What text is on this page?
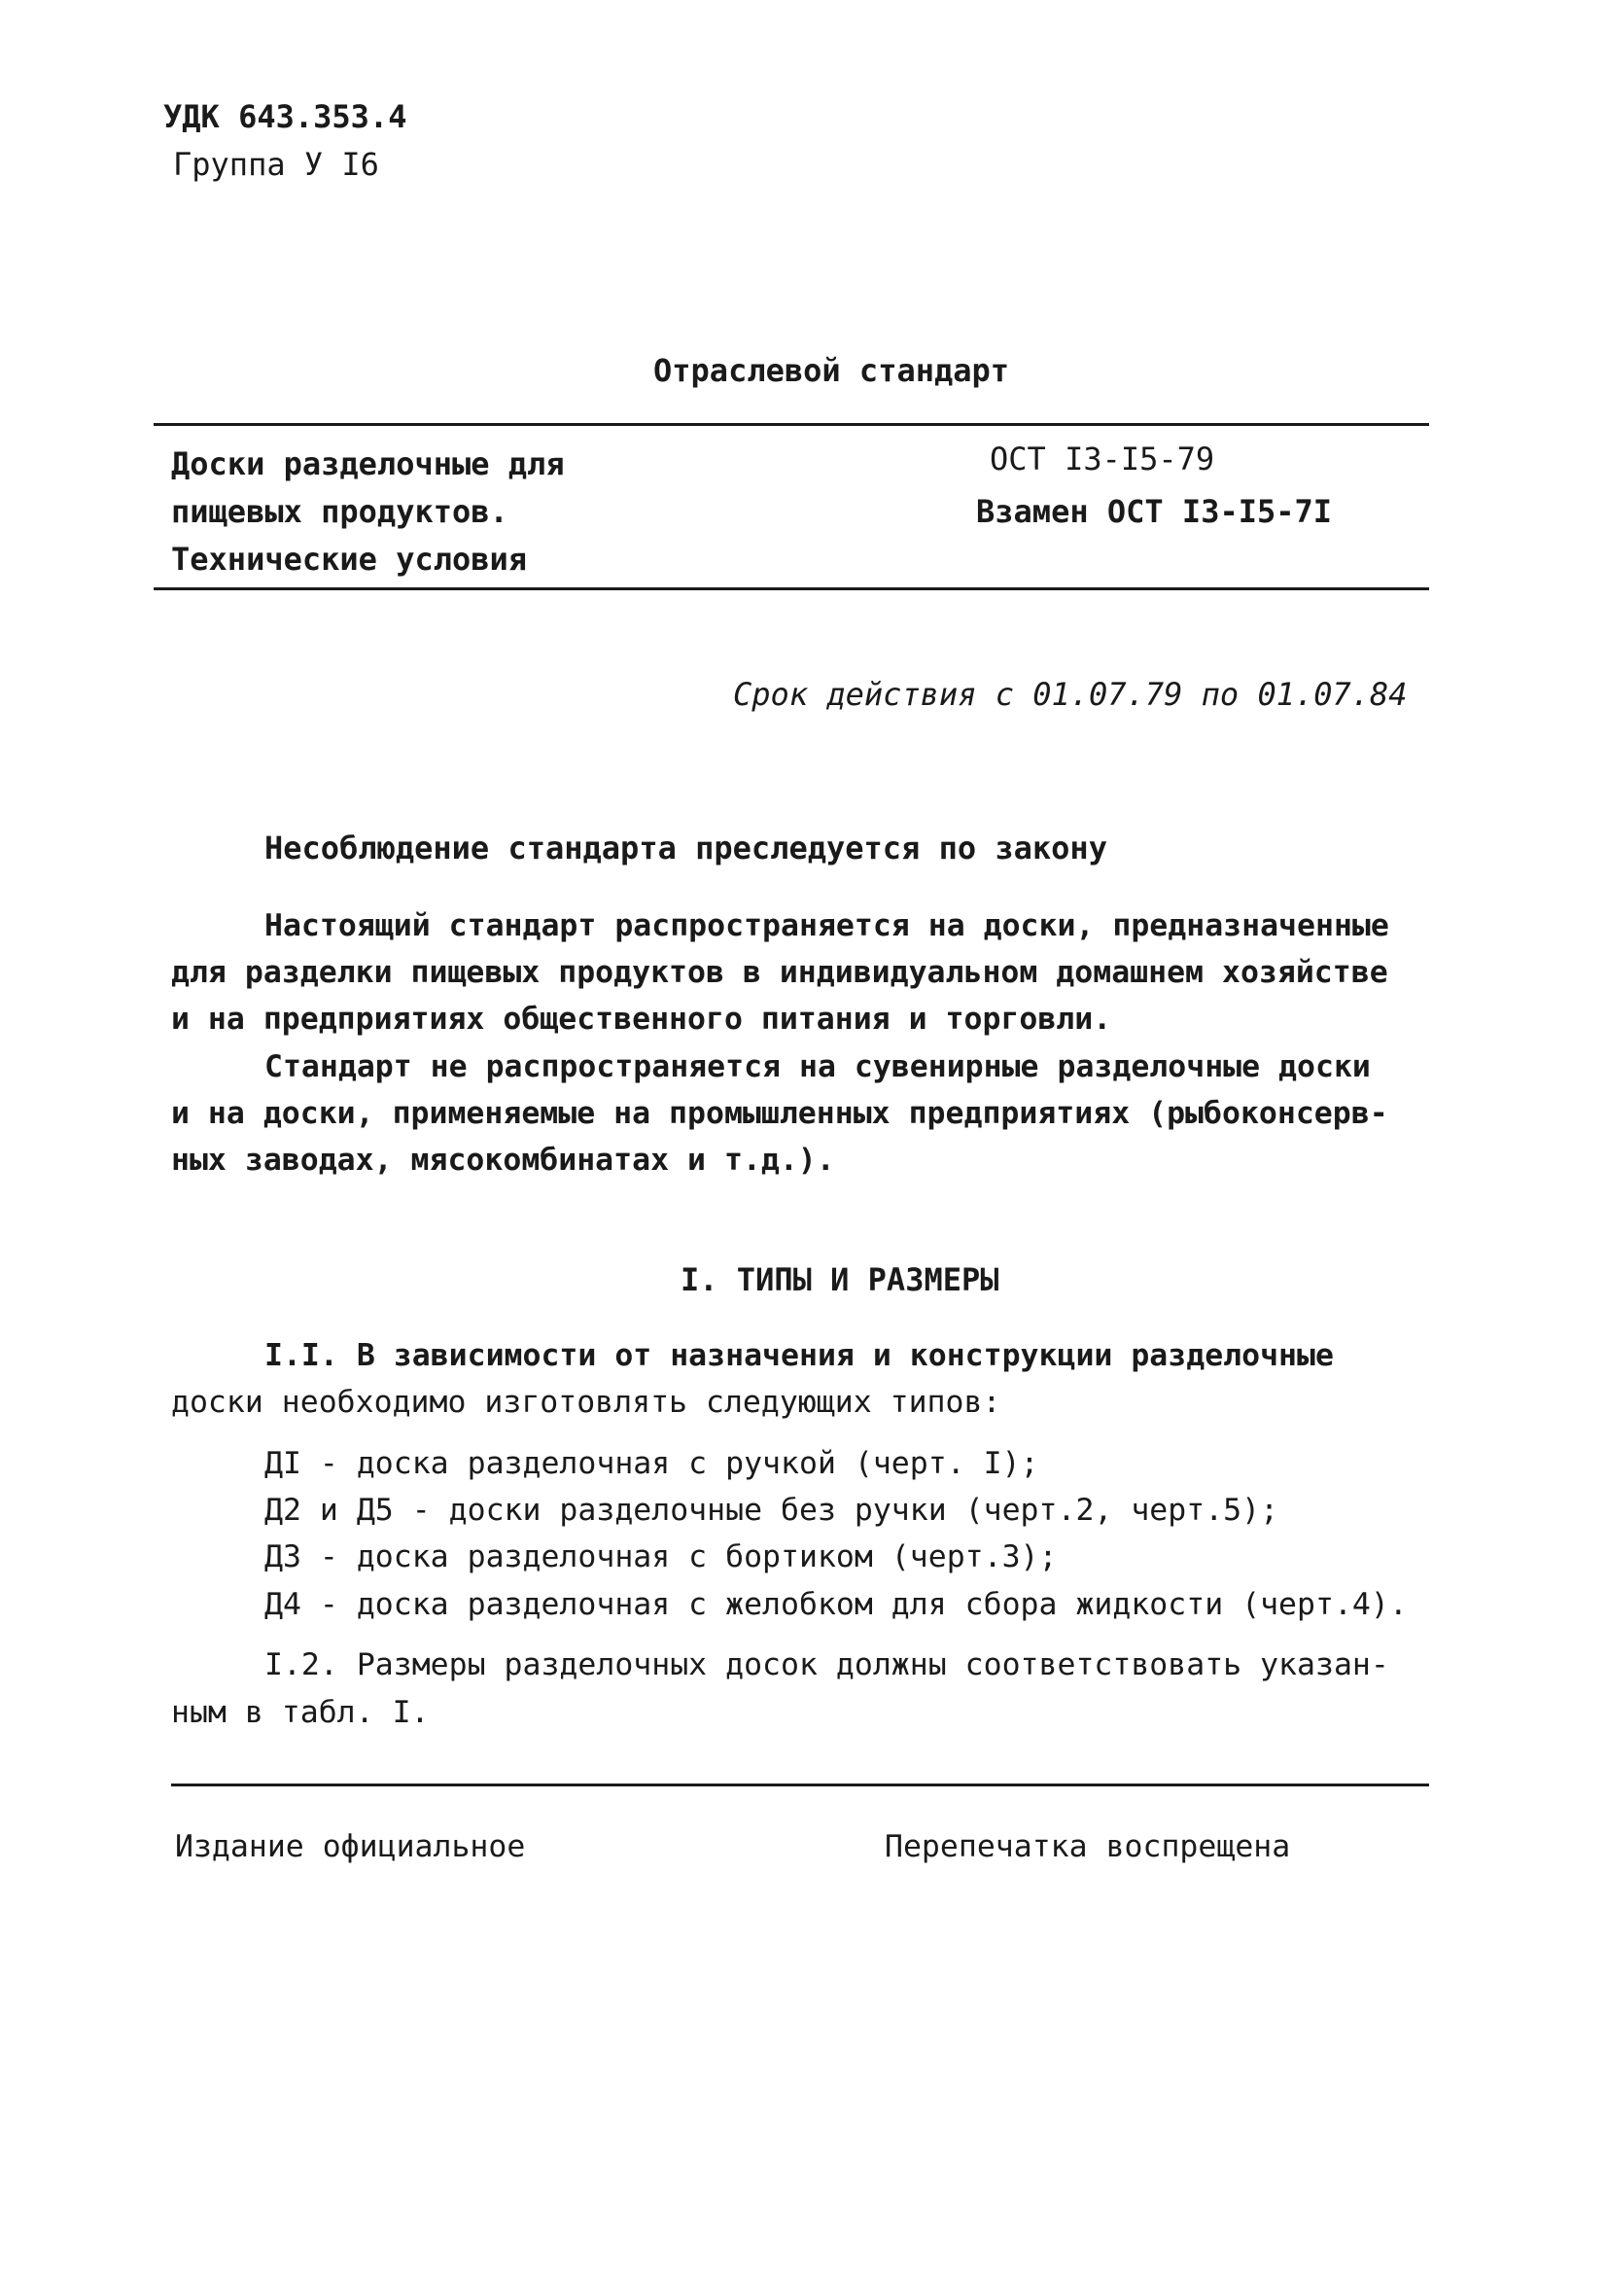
УДК 643.353.4
Группа У I6
Отраслевой стандарт
Доски разделочные для
пищевых продуктов.
Технические условия
ОСТ I3-I5-79
Взамен ОСТ I3-I5-7I
Срок действия с 01.07.79 по 01.07.84
Несоблюдение стандарта преследуется по закону
Настоящий стандарт распространяется на доски, предназначенные
для разделки пищевых продуктов в индивидуальном домашнем хозяйстве
и на предприятиях общественного питания и торговли.
Стандарт не распространяется на сувенирные разделочные доски
и на доски, применяемые на промышленных предприятиях (рыбоконсерв-
ных заводах, мясокомбинатах и т.д.).
I. ТИПЫ И РАЗМЕРЫ
I.I. В зависимости от назначения и конструкции разделочные
доски необходимо изготовлять следующих типов:
ДI - доска разделочная с ручкой (черт. I);
Д2 и Д5 - доски разделочные без ручки (черт.2, черт.5);
Д3 - доска разделочная с бортиком (черт.3);
Д4 - доска разделочная с желобком для сбора жидкости (черт.4).
I.2. Размеры разделочных досок должны соответствовать указан-
ным в табл. I.
Издание официальное	Перепечатка воспрещена
